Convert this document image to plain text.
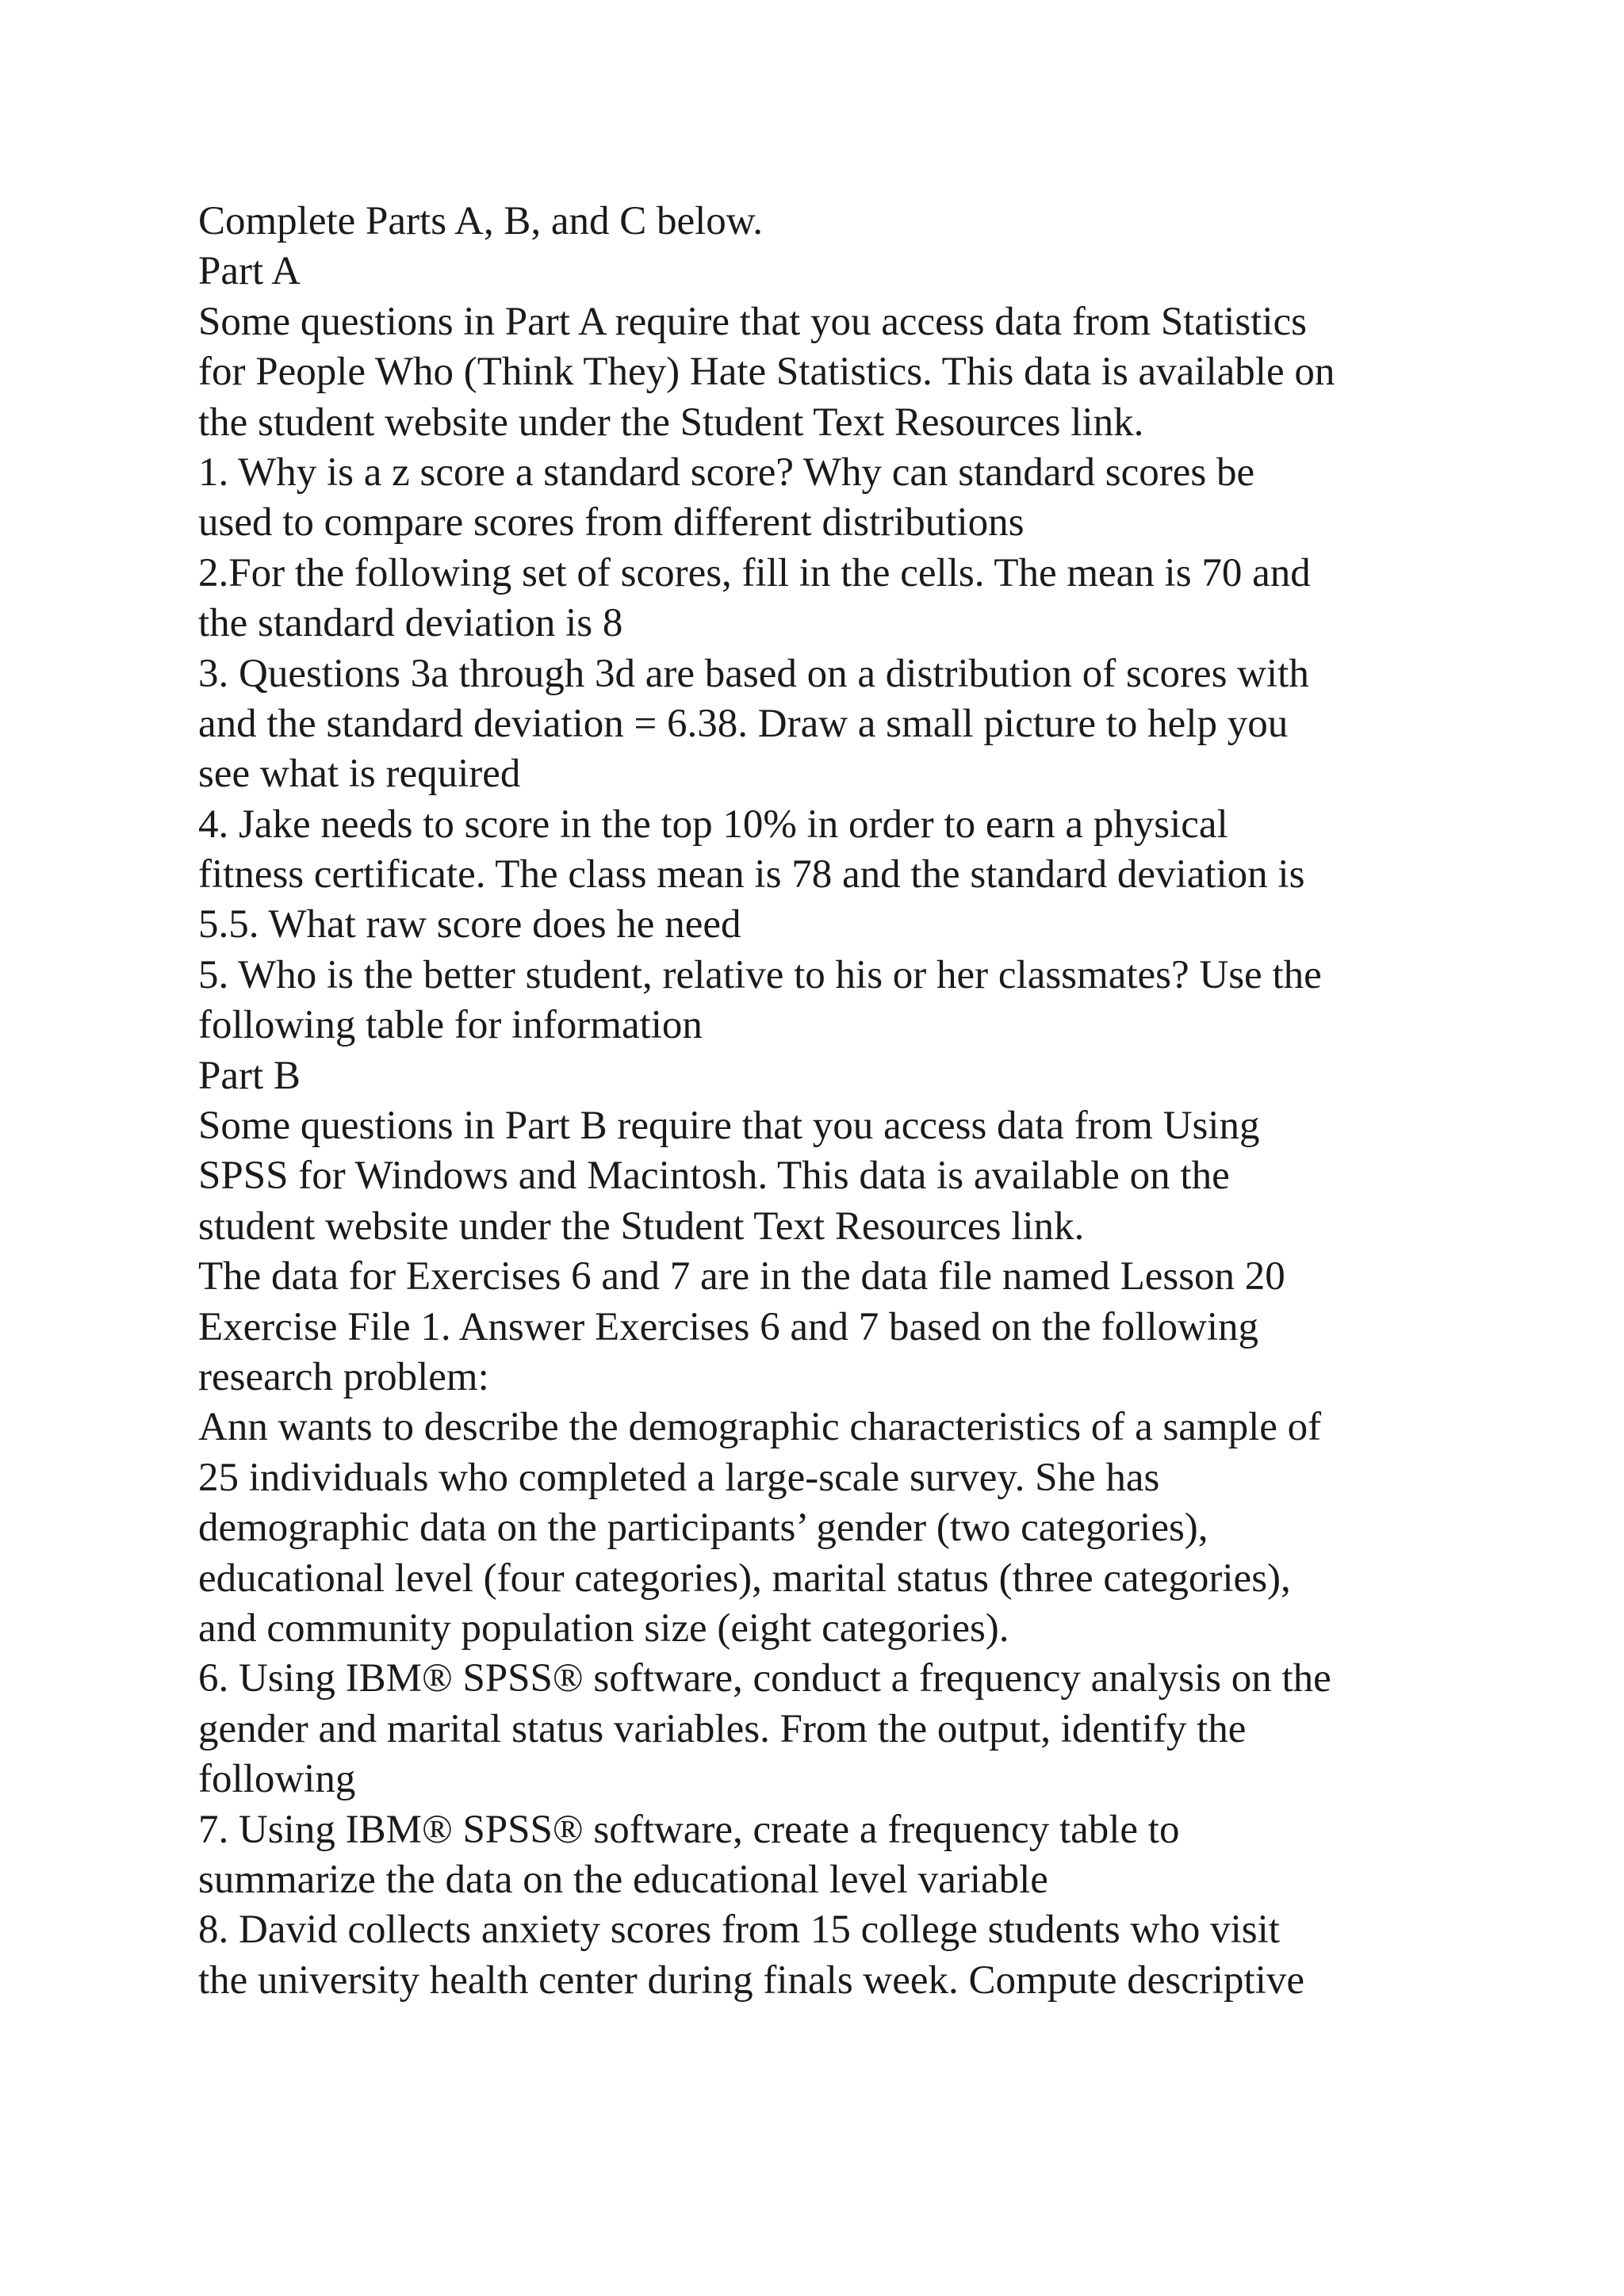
Complete Parts A, B, and C below.
Part A
Some questions in Part A require that you access data from Statistics
for People Who (Think They) Hate Statistics. This data is available on
the student website under the Student Text Resources link.
1. Why is a z score a standard score? Why can standard scores be
used to compare scores from different distributions
2.For the following set of scores, fill in the cells. The mean is 70 and
the standard deviation is 8
3. Questions 3a through 3d are based on a distribution of scores with
and the standard deviation = 6.38. Draw a small picture to help you
see what is required
4. Jake needs to score in the top 10% in order to earn a physical
fitness certificate. The class mean is 78 and the standard deviation is
5.5. What raw score does he need
5. Who is the better student, relative to his or her classmates? Use the
following table for information
Part B
Some questions in Part B require that you access data from Using
SPSS for Windows and Macintosh. This data is available on the
student website under the Student Text Resources link.
The data for Exercises 6 and 7 are in the data file named Lesson 20
Exercise File 1. Answer Exercises 6 and 7 based on the following
research problem:
Ann wants to describe the demographic characteristics of a sample of
25 individuals who completed a large-scale survey. She has
demographic data on the participants’ gender (two categories),
educational level (four categories), marital status (three categories),
and community population size (eight categories).
6. Using IBM® SPSS® software, conduct a frequency analysis on the
gender and marital status variables. From the output, identify the
following
7. Using IBM® SPSS® software, create a frequency table to
summarize the data on the educational level variable
8. David collects anxiety scores from 15 college students who visit
the university health center during finals week. Compute descriptive
